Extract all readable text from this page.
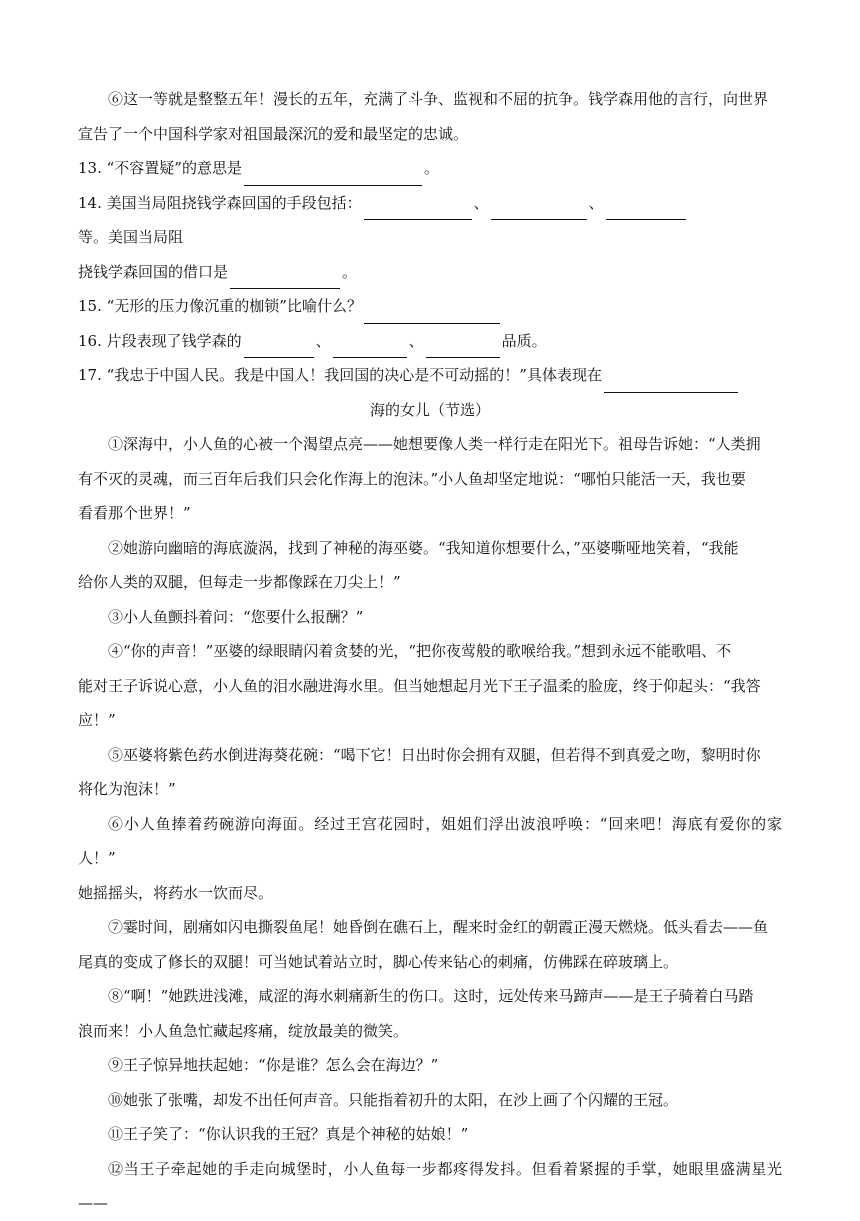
⑥这一等就是整整五年！漫长的五年，充满了斗争、监视和不屈的抗争。钱学森用他的言行，向世界

宣告了一个中国科学家对祖国最深沉的爱和最坚定的忠诚。

13. “不容置疑”的意思是	。
14. 美国当局阻挠钱学森回国的手段包括：	、	、
等。美国当局阻
挠钱学森回国的借口是	。
15. “无形的压力像沉重的枷锁”比喻什么？
16. 片段表现了钱学森的	、	、	品质。
17. “我忠于中国人民。我是中国人！我回国的决心是不可动摇的！”具体表现在

海的女儿（节选）

①深海中，小人鱼的心被一个渴望点亮——她想要像人类一样行走在阳光下。祖母告诉她：“人类拥

有不灭的灵魂，而三百年后我们只会化作海上的泡沫。”小人鱼却坚定地说：“哪怕只能活一天，我也要

看看那个世界！”

②她游向幽暗的海底漩涡，找到了神秘的海巫婆。“我知道你想要什么，”巫婆嘶哑地笑着，“我能

给你人类的双腿，但每走一步都像踩在刀尖上！”

③小人鱼颤抖着问：“您要什么报酬？”

④“你的声音！”巫婆的绿眼睛闪着贪婪的光，“把你夜莺般的歌喉给我。”想到永远不能歌唱、不

能对王子诉说心意，小人鱼的泪水融进海水里。但当她想起月光下王子温柔的脸庞，终于仰起头：“我答

应！”

⑤巫婆将紫色药水倒进海葵花碗：“喝下它！日出时你会拥有双腿，但若得不到真爱之吻，黎明时你

将化为泡沫！”

⑥小人鱼捧着药碗游向海面。经过王宫花园时，姐姐们浮出波浪呼唤：“回来吧！海底有爱你的家人！”

她摇摇头，将药水一饮而尽。

⑦霎时间，剧痛如闪电撕裂鱼尾！她昏倒在礁石上，醒来时金红的朝霞正漫天燃烧。低头看去——鱼

尾真的变成了修长的双腿！可当她试着站立时，脚心传来钻心的刺痛，仿佛踩在碎玻璃上。

⑧“啊！”她跌进浅滩，咸涩的海水刺痛新生的伤口。这时，远处传来马蹄声——是王子骑着白马踏

浪而来！小人鱼急忙藏起疼痛，绽放最美的微笑。

⑨王子惊异地扶起她：“你是谁？怎么会在海边？”

⑩她张了张嘴，却发不出任何声音。只能指着初升的太阳，在沙上画了个闪耀的王冠。

⑪王子笑了：“你认识我的王冠？真是个神秘的姑娘！”

⑫当王子牵起她的手走向城堡时，小人鱼每一步都疼得发抖。但看着紧握的手掌，她眼里盛满星光——
